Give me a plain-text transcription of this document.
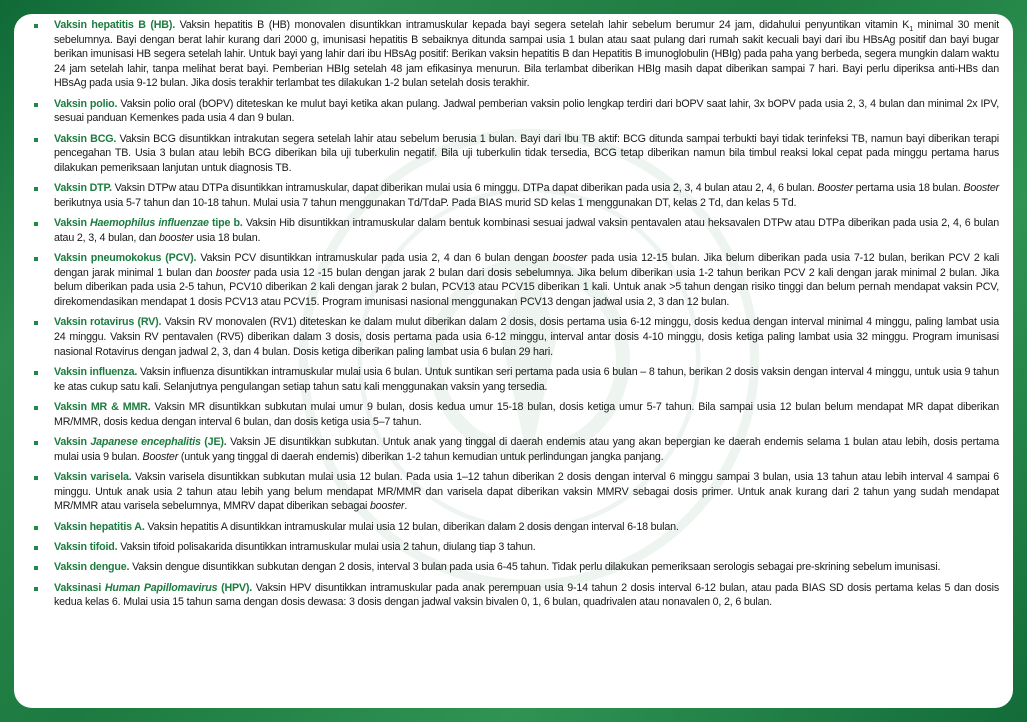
Vaksin hepatitis B (HB). Vaksin hepatitis B (HB) monovalen disuntikkan intramuskular kepada bayi segera setelah lahir sebelum berumur 24 jam, didahului penyuntikan vitamin $K_1$ minimal 30 menit sebelumnya. Bayi dengan berat lahir kurang dari 2000 g, imunisasi hepatitis B sebaiknya ditunda sampai usia 1 bulan atau saat pulang dari rumah sakit kecuali bayi dari ibu HBsAg positif dan bayi bugar berikan imunisasi HB segera setelah lahir. Untuk bayi yang lahir dari ibu HBsAg positif: Berikan vaksin hepatitis B dan Hepatitis B imunoglobulin (HBIg) pada paha yang berbeda, segera mungkin dalam waktu 24 jam setelah lahir, tanpa melihat berat bayi. Pemberian HBIg setelah 48 jam efikasinya menurun. Bila terlambat diberikan HBIg masih dapat diberikan sampai 7 hari. Bayi perlu diperiksa anti-HBs dan HBsAg pada usia 9-12 bulan. Jika dosis terakhir terlambat tes dilakukan 1-2 bulan setelah dosis terakhir.
Vaksin polio. Vaksin polio oral (bOPV) diteteskan ke mulut bayi ketika akan pulang. Jadwal pemberian vaksin polio lengkap terdiri dari bOPV saat lahir, 3x bOPV pada usia 2, 3, 4 bulan dan minimal 2x IPV, sesuai panduan Kemenkes pada usia 4 dan 9 bulan.
Vaksin BCG. Vaksin BCG disuntikkan intrakutan segera setelah lahir atau sebelum berusia 1 bulan. Bayi dari Ibu TB aktif: BCG ditunda sampai terbukti bayi tidak terinfeksi TB, namun bayi diberikan terapi pencegahan TB. Usia 3 bulan atau lebih BCG diberikan bila uji tuberkulin negatif. Bila uji tuberkulin tidak tersedia, BCG tetap diberikan namun bila timbul reaksi lokal cepat pada minggu pertama harus dilakukan pemeriksaan lanjutan untuk diagnosis TB.
Vaksin DTP. Vaksin DTPw atau DTPa disuntikkan intramuskular, dapat diberikan mulai usia 6 minggu. DTPa dapat diberikan pada usia 2, 3, 4 bulan atau 2, 4, 6 bulan. Booster pertama usia 18 bulan. Booster berikutnya usia 5-7 tahun dan 10-18 tahun. Mulai usia 7 tahun menggunakan Td/TdaP. Pada BIAS murid SD kelas 1 menggunakan DT, kelas 2 Td, dan kelas 5 Td.
Vaksin Haemophilus influenzae tipe b. Vaksin Hib disuntikkan intramuskular dalam bentuk kombinasi sesuai jadwal vaksin pentavalen atau heksavalen DTPw atau DTPa diberikan pada usia 2, 4, 6 bulan atau 2, 3, 4 bulan, dan booster usia 18 bulan.
Vaksin pneumokokus (PCV). Vaksin PCV disuntikkan intramuskular pada usia 2, 4 dan 6 bulan dengan booster pada usia 12-15 bulan. Jika belum diberikan pada usia 7-12 bulan, berikan PCV 2 kali dengan jarak minimal 1 bulan dan booster pada usia 12 -15 bulan dengan jarak 2 bulan dari dosis sebelumnya. Jika belum diberikan usia 1-2 tahun berikan PCV 2 kali dengan jarak minimal 2 bulan. Jika belum diberikan pada usia 2-5 tahun, PCV10 diberikan 2 kali dengan jarak 2 bulan, PCV13 atau PCV15 diberikan 1 kali. Untuk anak >5 tahun dengan risiko tinggi dan belum pernah mendapat vaksin PCV, direkomendasikan mendapat 1 dosis PCV13 atau PCV15. Program imunisasi nasional menggunakan PCV13 dengan jadwal usia 2, 3 dan 12 bulan.
Vaksin rotavirus (RV). Vaksin RV monovalen (RV1) diteteskan ke dalam mulut diberikan dalam 2 dosis, dosis pertama usia 6-12 minggu, dosis kedua dengan interval minimal 4 minggu, paling lambat usia 24 minggu. Vaksin RV pentavalen (RV5) diberikan dalam 3 dosis, dosis pertama pada usia 6-12 minggu, interval antar dosis 4-10 minggu, dosis ketiga paling lambat usia 32 minggu. Program imunisasi nasional Rotavirus dengan jadwal 2, 3, dan 4 bulan. Dosis ketiga diberikan paling lambat usia 6 bulan 29 hari.
Vaksin influenza. Vaksin influenza disuntikkan intramuskular mulai usia 6 bulan. Untuk suntikan seri pertama pada usia 6 bulan – 8 tahun, berikan 2 dosis vaksin dengan interval 4 minggu, untuk usia 9 tahun ke atas cukup satu kali. Selanjutnya pengulangan setiap tahun satu kali menggunakan vaksin yang tersedia.
Vaksin MR & MMR. Vaksin MR disuntikkan subkutan mulai umur 9 bulan, dosis kedua umur 15-18 bulan, dosis ketiga umur 5-7 tahun. Bila sampai usia 12 bulan belum mendapat MR dapat diberikan MR/MMR, dosis kedua dengan interval 6 bulan, dan dosis ketiga usia 5–7 tahun.
Vaksin Japanese encephalitis (JE). Vaksin JE disuntikkan subkutan. Untuk anak yang tinggal di daerah endemis atau yang akan bepergian ke daerah endemis selama 1 bulan atau lebih, dosis pertama mulai usia 9 bulan. Booster (untuk yang tinggal di daerah endemis) diberikan 1-2 tahun kemudian untuk perlindungan jangka panjang.
Vaksin varisela. Vaksin varisela disuntikkan subkutan mulai usia 12 bulan. Pada usia 1–12 tahun diberikan 2 dosis dengan interval 6 minggu sampai 3 bulan, usia 13 tahun atau lebih interval 4 sampai 6 minggu. Untuk anak usia 2 tahun atau lebih yang belum mendapat MR/MMR dan varisela dapat diberikan vaksin MMRV sebagai dosis primer. Untuk anak kurang dari 2 tahun yang sudah mendapat MR/MMR atau varisela sebelumnya, MMRV dapat diberikan sebagai booster.
Vaksin hepatitis A. Vaksin hepatitis A disuntikkan intramuskular mulai usia 12 bulan, diberikan dalam 2 dosis dengan interval 6-18 bulan.
Vaksin tifoid. Vaksin tifoid polisakarida disuntikkan intramuskular mulai usia 2 tahun, diulang tiap 3 tahun.
Vaksin dengue. Vaksin dengue disuntikkan subkutan dengan 2 dosis, interval 3 bulan pada usia 6-45 tahun. Tidak perlu dilakukan pemeriksaan serologis sebagai pre-skrining sebelum imunisasi.
Vaksinasi Human Papillomavirus (HPV). Vaksin HPV disuntikkan intramuskular pada anak perempuan usia 9-14 tahun 2 dosis interval 6-12 bulan, atau pada BIAS SD dosis pertama kelas 5 dan dosis kedua kelas 6. Mulai usia 15 tahun sama dengan dosis dewasa: 3 dosis dengan jadwal vaksin bivalen 0, 1, 6 bulan, quadrivalen atau nonavalen 0, 2, 6 bulan.
